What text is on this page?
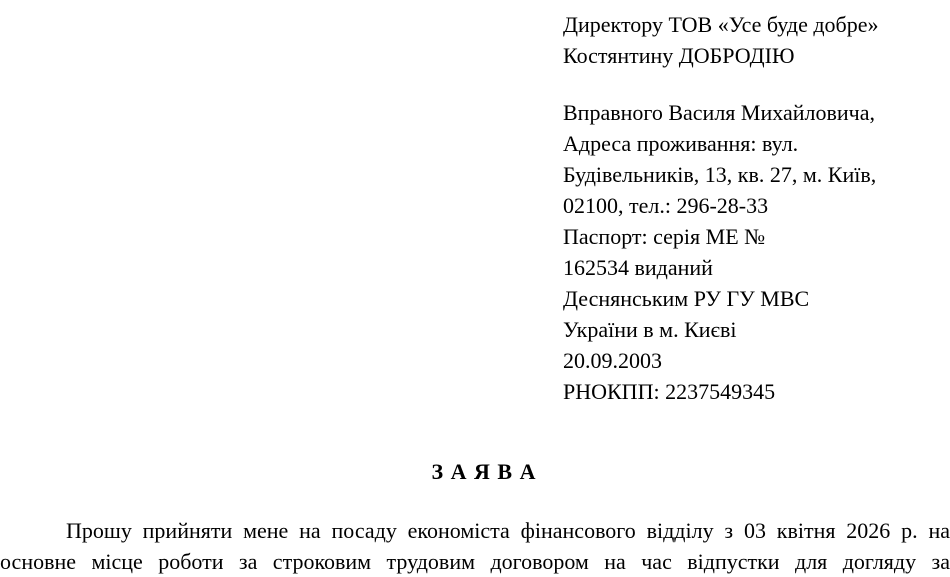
Директору ТОВ «Усе буде добре»
Костянтину ДОБРОДІЮ
Вправного Василя Михайловича,
Адреса проживання: вул.
Будівельників, 13, кв. 27, м. Київ,
02100, тел.: 296-28-33
Паспорт: серія МЕ №
162534 виданий
Деснянським РУ ГУ МВС
України в м. Києві
20.09.2003
РНОКПП: 2237549345
З А Я В А
Прошу прийняти мене на посаду економіста фінансового відділу з 03 квітня 2026 р. на
основне місце роботи за строковим трудовим договором на час відпустки для догляду за
